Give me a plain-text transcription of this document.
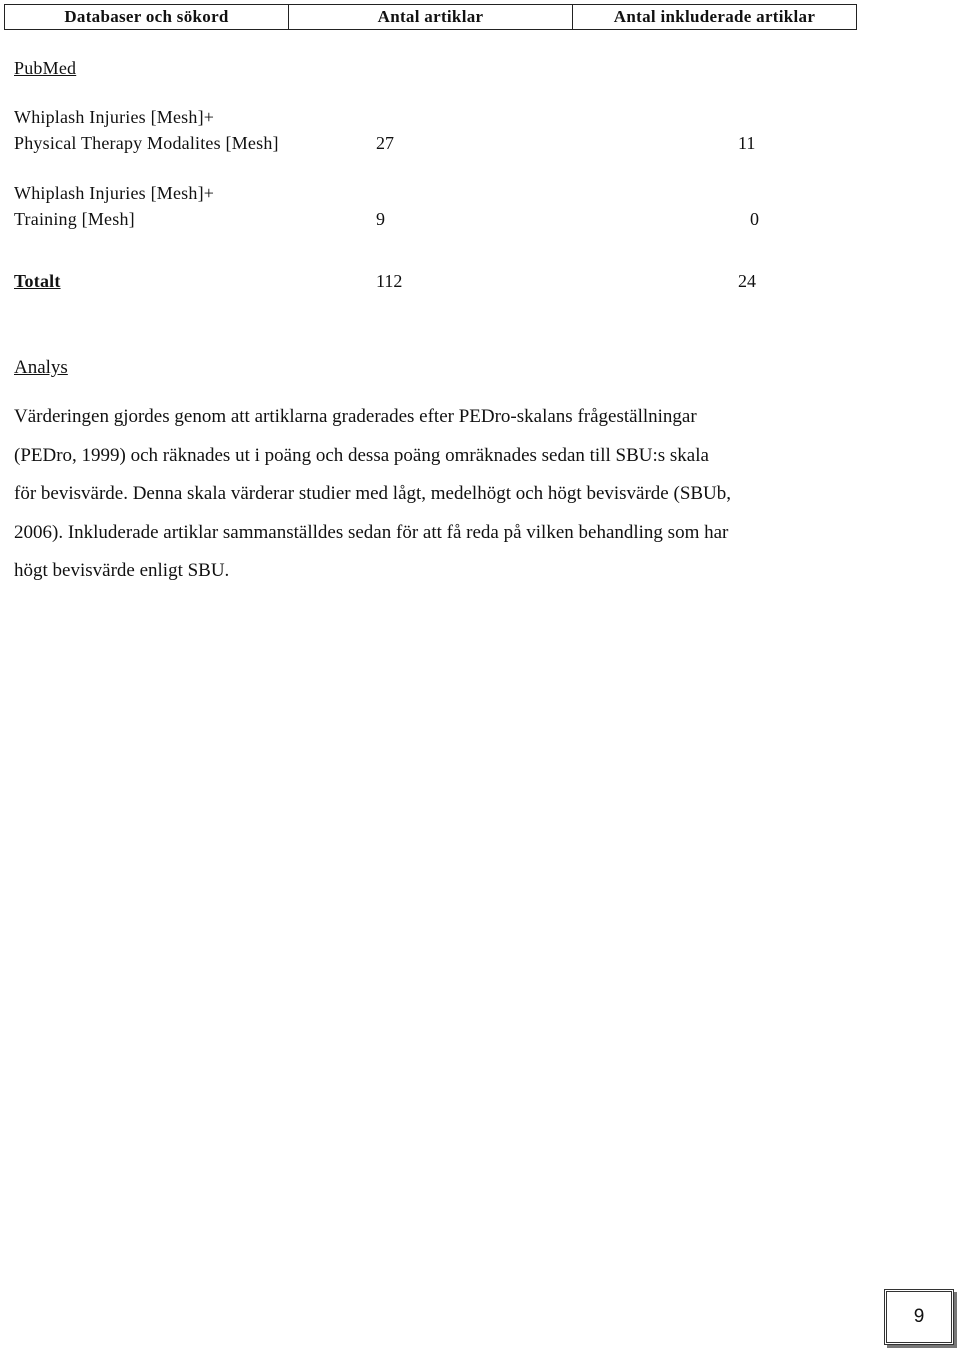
Databaser och sökord	Antal artiklar	Antal inkluderade artiklar
PubMed
Whiplash Injuries [Mesh]+
Physical Therapy Modalites [Mesh]	27	11
Whiplash Injuries [Mesh]+
Training [Mesh]	9	0
Totalt	112	24
Analys
Värderingen gjordes genom att artiklarna graderades efter PEDro-skalans frågeställningar
(PEDro, 1999) och räknades ut i poäng och dessa poäng omräknades sedan till SBU:s skala
för bevisvärde. Denna skala värderar studier med lågt, medelhögt och högt bevisvärde (SBUb,
2006). Inkluderade artiklar sammanställdes sedan för att få reda på vilken behandling som har
högt bevisvärde enligt SBU.
9
